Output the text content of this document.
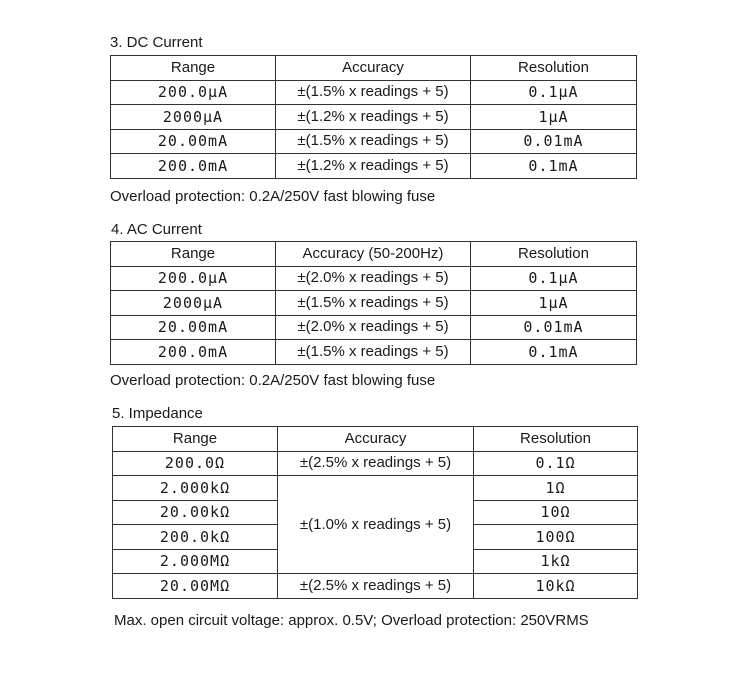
3. DC Current
Range	Accuracy	Resolution
200.0μA	±(1.5% x readings + 5)	0.1μA
2000μA	±(1.2% x readings + 5)	1μA
20.00mA	±(1.5% x readings + 5)	0.01mA
200.0mA	±(1.2% x readings + 5)	0.1mA
Overload protection: 0.2A/250V fast blowing fuse
4. AC Current
Range	Accuracy (50-200Hz)	Resolution
200.0μA	±(2.0% x readings + 5)	0.1μA
2000μA	±(1.5% x readings + 5)	1μA
20.00mA	±(2.0% x readings + 5)	0.01mA
200.0mA	±(1.5% x readings + 5)	0.1mA
Overload protection: 0.2A/250V fast blowing fuse
5. Impedance
Range	Accuracy	Resolution
200.0Ω	±(2.5% x readings + 5)	0.1Ω
2.000kΩ	±(1.0% x readings + 5)	1Ω
20.00kΩ		10Ω
200.0kΩ		100Ω
2.000MΩ		1kΩ
20.00MΩ	±(2.5% x readings + 5)	10kΩ
Max. open circuit voltage: approx. 0.5V; Overload protection: 250VRMS
